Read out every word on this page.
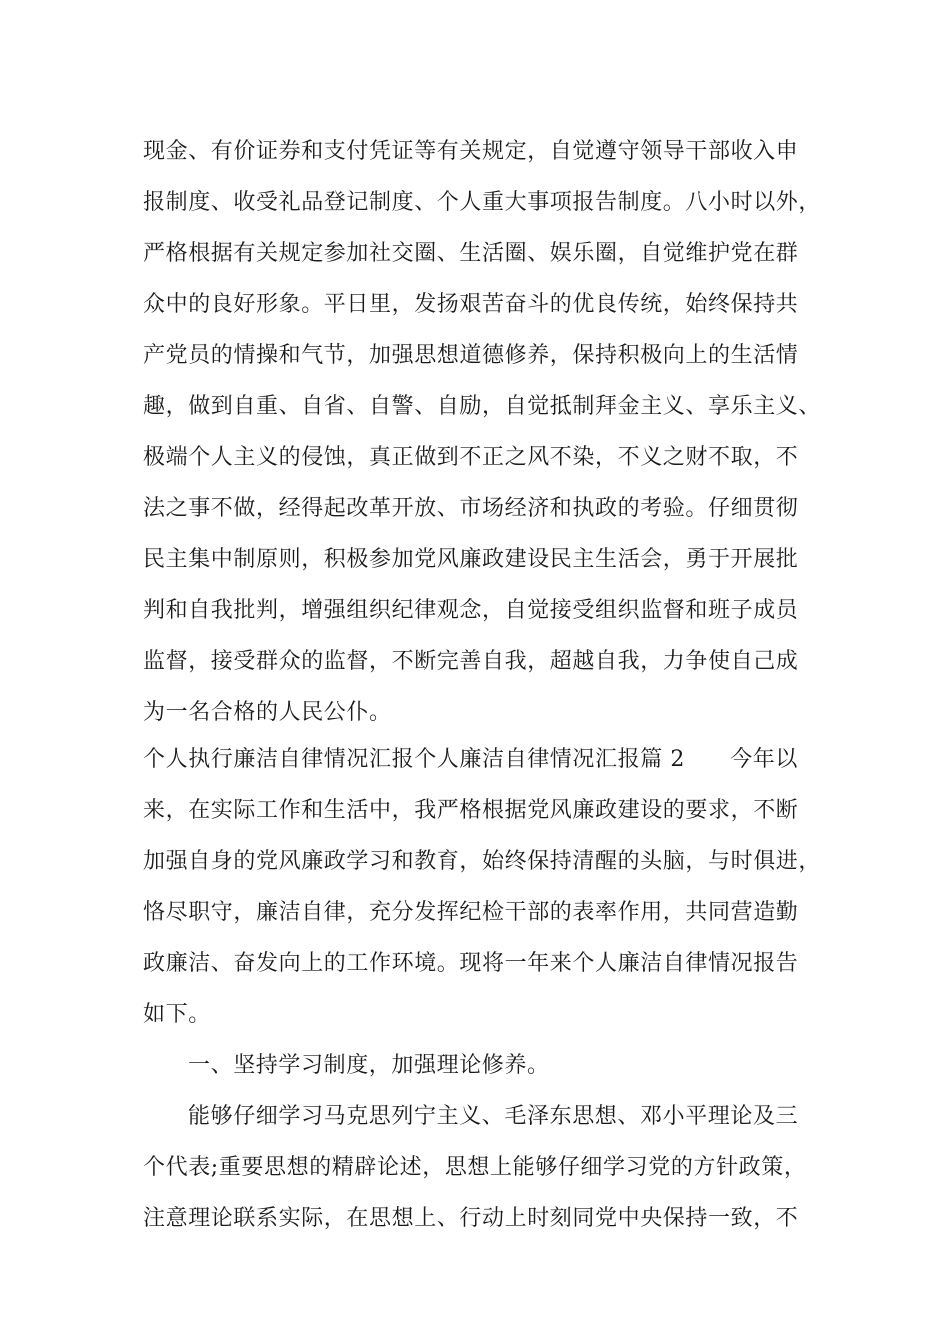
现金、有价证券和支付凭证等有关规定，自觉遵守领导干部收入申
报制度、收受礼品登记制度、个人重大事项报告制度。八小时以外，
严格根据有关规定参加社交圈、生活圈、娱乐圈，自觉维护党在群
众中的良好形象。平日里，发扬艰苦奋斗的优良传统，始终保持共
产党员的情操和气节，加强思想道德修养，保持积极向上的生活情
趣，做到自重、自省、自警、自励，自觉抵制拜金主义、享乐主义、
极端个人主义的侵蚀，真正做到不正之风不染，不义之财不取，不
法之事不做，经得起改革开放、市场经济和执政的考验。仔细贯彻
民主集中制原则，积极参加党风廉政建设民主生活会，勇于开展批
判和自我批判，增强组织纪律观念，自觉接受组织监督和班子成员
监督，接受群众的监督，不断完善自我，超越自我，力争使自己成
为一名合格的人民公仆。
个人执行廉洁自律情况汇报个人廉洁自律情况汇报篇 2　　今年以
来，在实际工作和生活中，我严格根据党风廉政建设的要求，不断
加强自身的党风廉政学习和教育，始终保持清醒的头脑，与时俱进，
恪尽职守，廉洁自律，充分发挥纪检干部的表率作用，共同营造勤
政廉洁、奋发向上的工作环境。现将一年来个人廉洁自律情况报告
如下。
一、坚持学习制度，加强理论修养。
能够仔细学习马克思列宁主义、毛泽东思想、邓小平理论及三
个代表;重要思想的精辟论述，思想上能够仔细学习党的方针政策，
注意理论联系实际，在思想上、行动上时刻同党中央保持一致，不
